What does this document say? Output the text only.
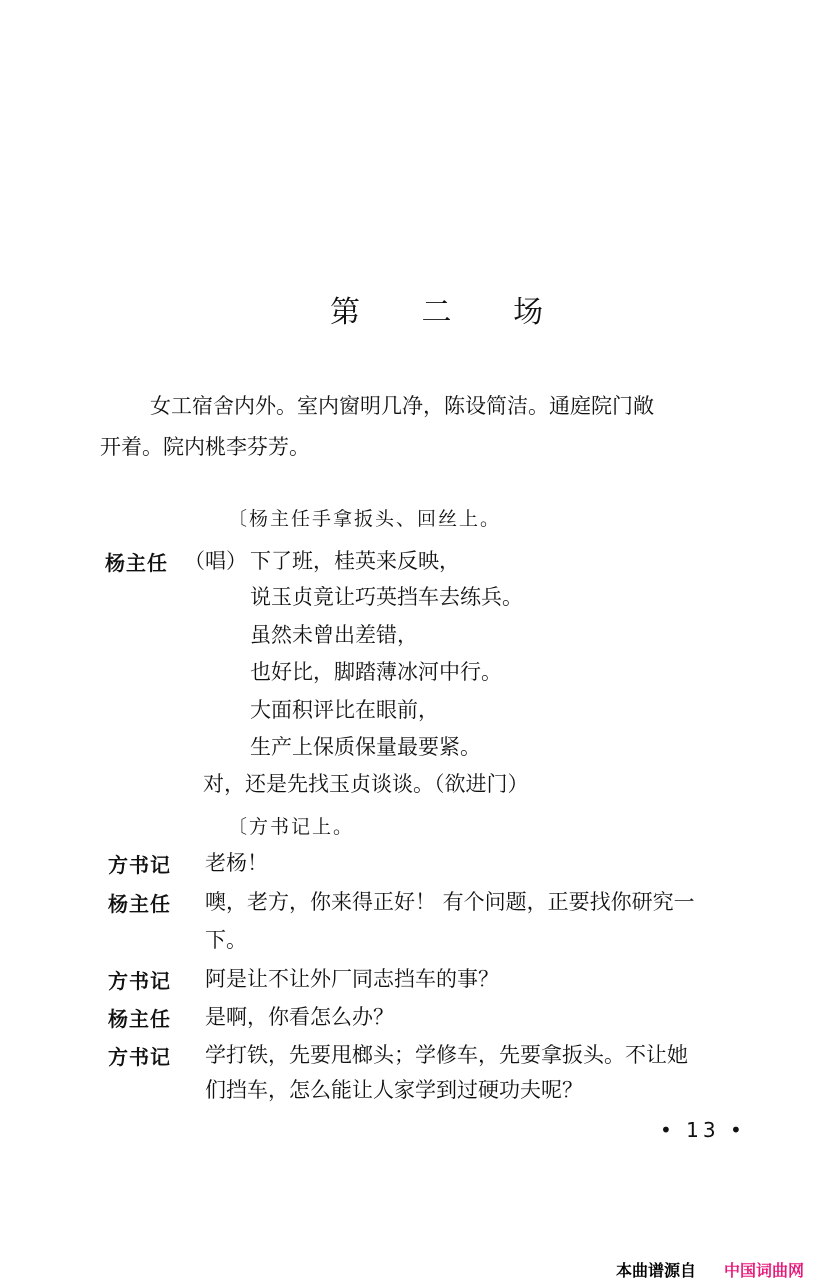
第 二 场
女工宿舍内外。室内窗明几净，陈设简洁。通庭院门敞
开着。院内桃李芬芳。
〔杨主任手拿扳头、回丝上。
杨主任 （唱） 下了班，桂英来反映，
说玉贞竟让巧英挡车去练兵。
虽然未曾出差错，
也好比，脚踏薄冰河中行。
大面积评比在眼前，
生产上保质保量最要紧。
对，还是先找玉贞谈谈。（欲进门）
〔方书记上。
方书记 老杨！
杨主任 噢，老方，你来得正好！ 有个问题，正要找你研究一
下。
方书记 阿是让不让外厂同志挡车的事？
杨主任 是啊，你看怎么办？
方书记 学打铁，先要甩榔头；学修车，先要拿扳头。不让她
们挡车，怎么能让人家学到过硬功夫呢？
• 13 •
本曲谱源自 中国词曲网
